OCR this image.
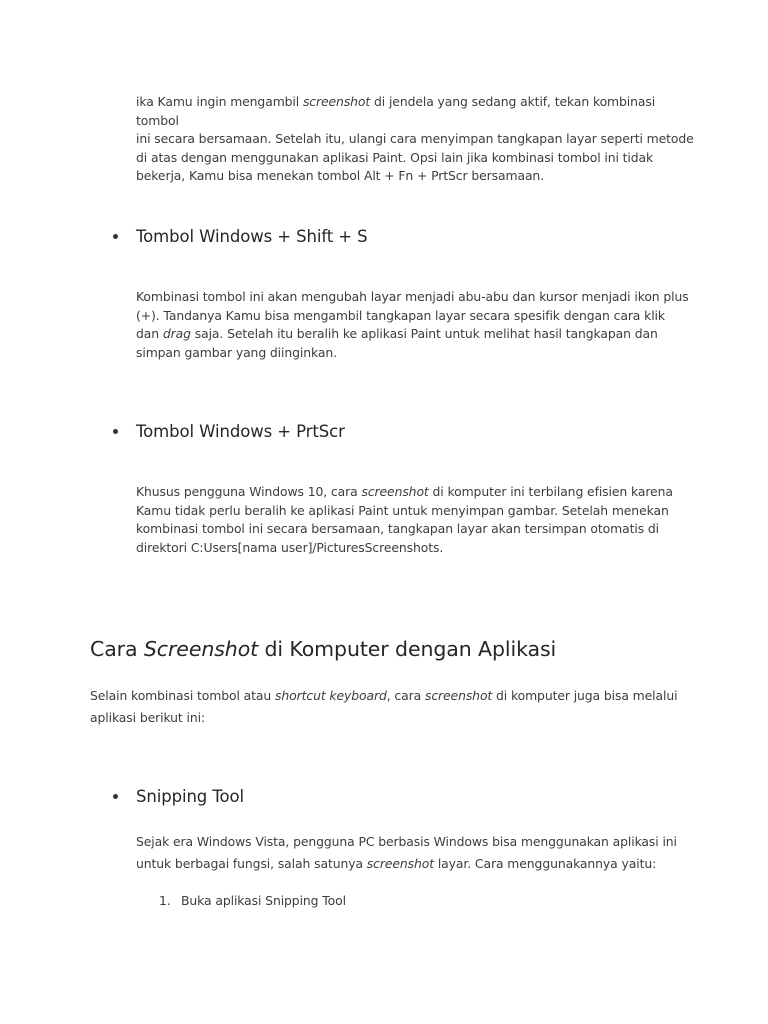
ika Kamu ingin mengambil screenshot di jendela yang sedang aktif, tekan kombinasi tombol
ini secara bersamaan. Setelah itu, ulangi cara menyimpan tangkapan layar seperti metode
di atas dengan menggunakan aplikasi Paint. Opsi lain jika kombinasi tombol ini tidak
bekerja, Kamu bisa menekan tombol Alt + Fn + PrtScr bersamaan.
Tombol Windows + Shift + S
Kombinasi tombol ini akan mengubah layar menjadi abu-abu dan kursor menjadi ikon plus
(+). Tandanya Kamu bisa mengambil tangkapan layar secara spesifik dengan cara klik
dan drag saja. Setelah itu beralih ke aplikasi Paint untuk melihat hasil tangkapan dan
simpan gambar yang diinginkan.
Tombol Windows + PrtScr
Khusus pengguna Windows 10, cara screenshot di komputer ini terbilang efisien karena
Kamu tidak perlu beralih ke aplikasi Paint untuk menyimpan gambar. Setelah menekan
kombinasi tombol ini secara bersamaan, tangkapan layar akan tersimpan otomatis di
direktori C:Users[nama user]/PicturesScreenshots.
Cara Screenshot di Komputer dengan Aplikasi
Selain kombinasi tombol atau shortcut keyboard, cara screenshot di komputer juga bisa melalui
aplikasi berikut ini:
Snipping Tool
Sejak era Windows Vista, pengguna PC berbasis Windows bisa menggunakan aplikasi ini
untuk berbagai fungsi, salah satunya screenshot layar. Cara menggunakannya yaitu:
1. Buka aplikasi Snipping Tool
